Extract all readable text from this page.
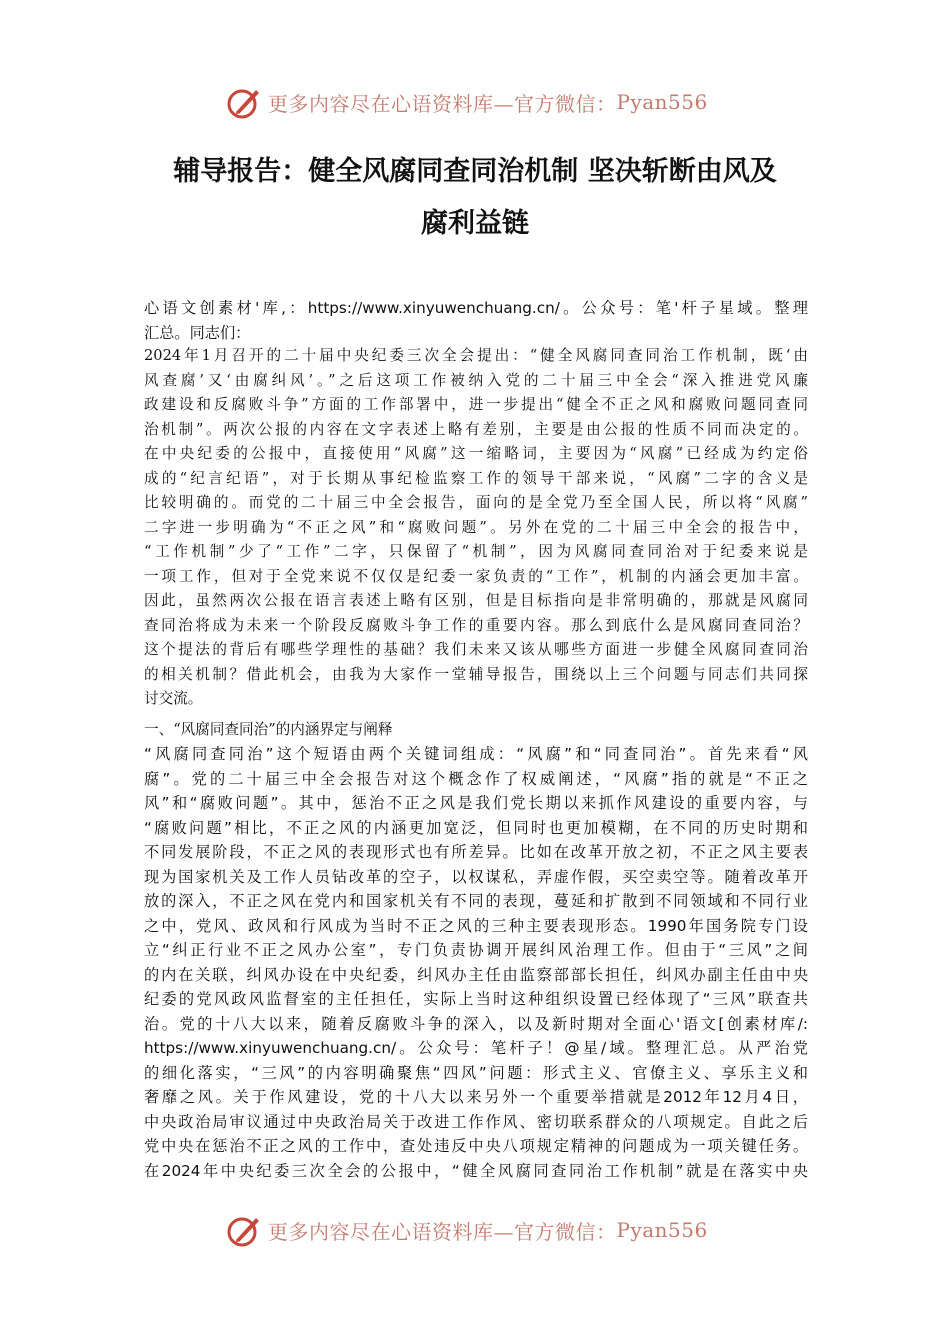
更多内容尽在心语资料库—官方微信： Pyan556
辅导报告：健全风腐同查同治机制 坚决斩断由风及
腐利益链
心语文创素材'库,：https://www.xinyuwenchuang.cn/。公众号：笔'杆子星域。整理
汇总。同志们：
2024年1月召开的二十届中央纪委三次全会提出：“健全风腐同查同治工作机制，既‘由
风查腐’又‘由腐纠风’。”之后这项工作被纳入党的二十届三中全会“深入推进党风廉
政建设和反腐败斗争”方面的工作部署中，进一步提出“健全不正之风和腐败问题同查同
治机制”。两次公报的内容在文字表述上略有差别，主要是由公报的性质不同而决定的。
在中央纪委的公报中，直接使用“风腐”这一缩略词，主要因为“风腐”已经成为约定俗
成的“纪言纪语”，对于长期从事纪检监察工作的领导干部来说，“风腐”二字的含义是
比较明确的。而党的二十届三中全会报告，面向的是全党乃至全国人民，所以将“风腐”
二字进一步明确为“不正之风”和“腐败问题”。另外在党的二十届三中全会的报告中，
“工作机制”少了“工作”二字，只保留了“机制”，因为风腐同查同治对于纪委来说是
一项工作，但对于全党来说不仅仅是纪委一家负责的“工作”，机制的内涵会更加丰富。
因此，虽然两次公报在语言表述上略有区别，但是目标指向是非常明确的，那就是风腐同
查同治将成为未来一个阶段反腐败斗争工作的重要内容。那么到底什么是风腐同查同治？
这个提法的背后有哪些学理性的基础？我们未来又该从哪些方面进一步健全风腐同查同治
的相关机制？借此机会，由我为大家作一堂辅导报告，围绕以上三个问题与同志们共同探
讨交流。
一、“风腐同查同治”的内涵界定与阐释
“风腐同查同治”这个短语由两个关键词组成：“风腐”和“同查同治”。首先来看“风
腐”。党的二十届三中全会报告对这个概念作了权威阐述，“风腐”指的就是“不正之
风”和“腐败问题”。其中，惩治不正之风是我们党长期以来抓作风建设的重要内容，与
“腐败问题”相比，不正之风的内涵更加宽泛，但同时也更加模糊，在不同的历史时期和
不同发展阶段，不正之风的表现形式也有所差异。比如在改革开放之初，不正之风主要表
现为国家机关及工作人员钻改革的空子，以权谋私，弄虚作假，买空卖空等。随着改革开
放的深入，不正之风在党内和国家机关有不同的表现，蔓延和扩散到不同领域和不同行业
之中，党风、政风和行风成为当时不正之风的三种主要表现形态。1990年国务院专门设
立“纠正行业不正之风办公室”，专门负责协调开展纠风治理工作。但由于“三风”之间
的内在关联，纠风办设在中央纪委，纠风办主任由监察部部长担任，纠风办副主任由中央
纪委的党风政风监督室的主任担任，实际上当时这种组织设置已经体现了“三风”联查共
治。党的十八大以来，随着反腐败斗争的深入，以及新时期对全面心'语文[创素材库/:
https://www.xinyuwenchuang.cn/。公众号：笔杆子！@星/域。整理汇总。从严治党
的细化落实，“三风”的内容明确聚焦“四风”问题：形式主义、官僚主义、享乐主义和
奢靡之风。关于作风建设，党的十八大以来另外一个重要举措就是2012年12月4日，
中央政治局审议通过中央政治局关于改进工作作风、密切联系群众的八项规定。自此之后
党中央在惩治不正之风的工作中，查处违反中央八项规定精神的问题成为一项关键任务。
在2024年中央纪委三次全会的公报中，“健全风腐同查同治工作机制”就是在落实中央
更多内容尽在心语资料库—官方微信： Pyan556
